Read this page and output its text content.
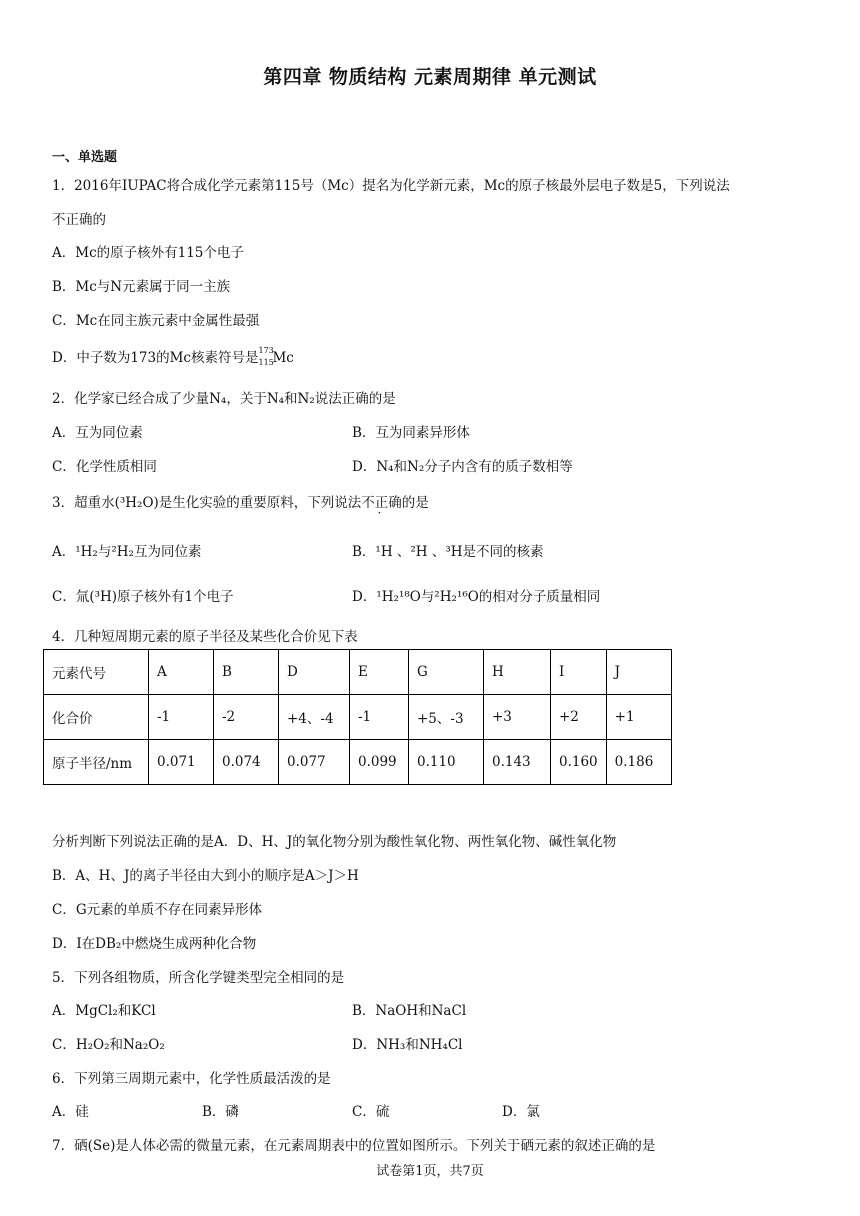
第四章 物质结构 元素周期律 单元测试
一、单选题
1．2016年IUPAC将合成化学元素第115号（Mc）提名为化学新元素，Mc的原子核最外层电子数是5，下列说法
不正确的
A．Mc的原子核外有115个电子
B．Mc与N元素属于同一主族
C．Mc在同主族元素中金属性最强
D．中子数为173的Mc核素符号是 173
115
Mc
2．化学家已经合成了少量N₄，关于N₄和N₂说法正确的是
A．互为同位素	B．互为同素异形体
C．化学性质相同	D．N₄和N₂分子内含有的质子数相等
3．超重水(³H₂O)是生化实验的重要原料，下列说法不正确的是
A．¹H₂与²H₂互为同位素	B．¹H 、²H 、³H是不同的核素
C．氚(³H)原子核外有1个电子	D．¹H₂¹⁸O与²H₂¹⁶O的相对分子质量相同
4．几种短周期元素的原子半径及某些化合价见下表
元素代号	A	B	D	E	G	H	I	J
化合价	-1	-2	+4、-4	-1	+5、-3	+3	+2	+1
原子半径/nm	0.071	0.074	0.077	0.099	0.110	0.143	0.160	0.186
分析判断下列说法正确的是A．D、H、J的氧化物分别为酸性氧化物、两性氧化物、碱性氧化物
B．A、H、J的离子半径由大到小的顺序是A＞J＞H
C．G元素的单质不存在同素异形体
D．I在DB₂中燃烧生成两种化合物
5．下列各组物质，所含化学键类型完全相同的是
A．MgCl₂和KCl	B．NaOH和NaCl
C．H₂O₂和Na₂O₂	D．NH₃和NH₄Cl
6．下列第三周期元素中，化学性质最活泼的是
A．硅	B．磷	C．硫	D．氯
7．硒(Se)是人体必需的微量元素，在元素周期表中的位置如图所示。下列关于硒元素的叙述正确的是
试卷第1页，共7页
